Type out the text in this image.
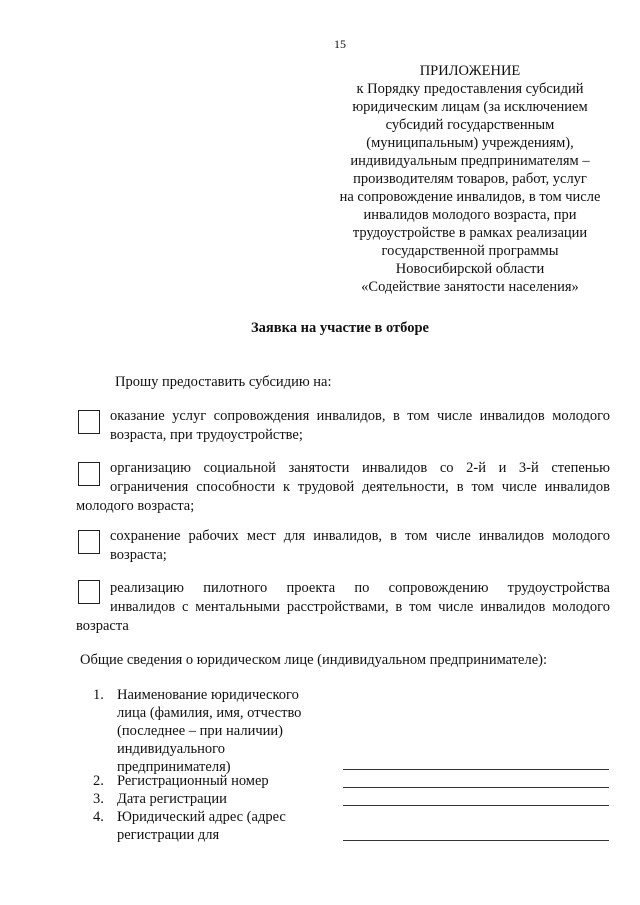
15
ПРИЛОЖЕНИЕ
к Порядку предоставления субсидий
юридическим лицам (за исключением
субсидий государственным
(муниципальным) учреждениям),
индивидуальным предпринимателям –
производителям товаров, работ, услуг
на сопровождение инвалидов, в том числе
инвалидов молодого возраста, при
трудоустройстве в рамках реализации
государственной программы
Новосибирской области
«Содействие занятости населения»
Заявка на участие в отборе
Прошу предоставить субсидию на:
оказание услуг сопровождения инвалидов, в том числе инвалидов молодого
возраста, при трудоустройстве;
организацию социальной занятости инвалидов со 2-й и 3-й степенью
ограничения способности к трудовой деятельности, в том числе инвалидов
молодого возраста;
сохранение рабочих мест для инвалидов, в том числе инвалидов молодого
возраста;
реализацию пилотного проекта по сопровождению трудоустройства
инвалидов с ментальными расстройствами, в том числе инвалидов молодого
возраста
Общие сведения о юридическом лице (индивидуальном предпринимателе):
1. Наименование юридического
лица (фамилия, имя, отчество
(последнее – при наличии)
индивидуального
предпринимателя)
2. Регистрационный номер
3. Дата регистрации
4. Юридический адрес (адрес
регистрации для
